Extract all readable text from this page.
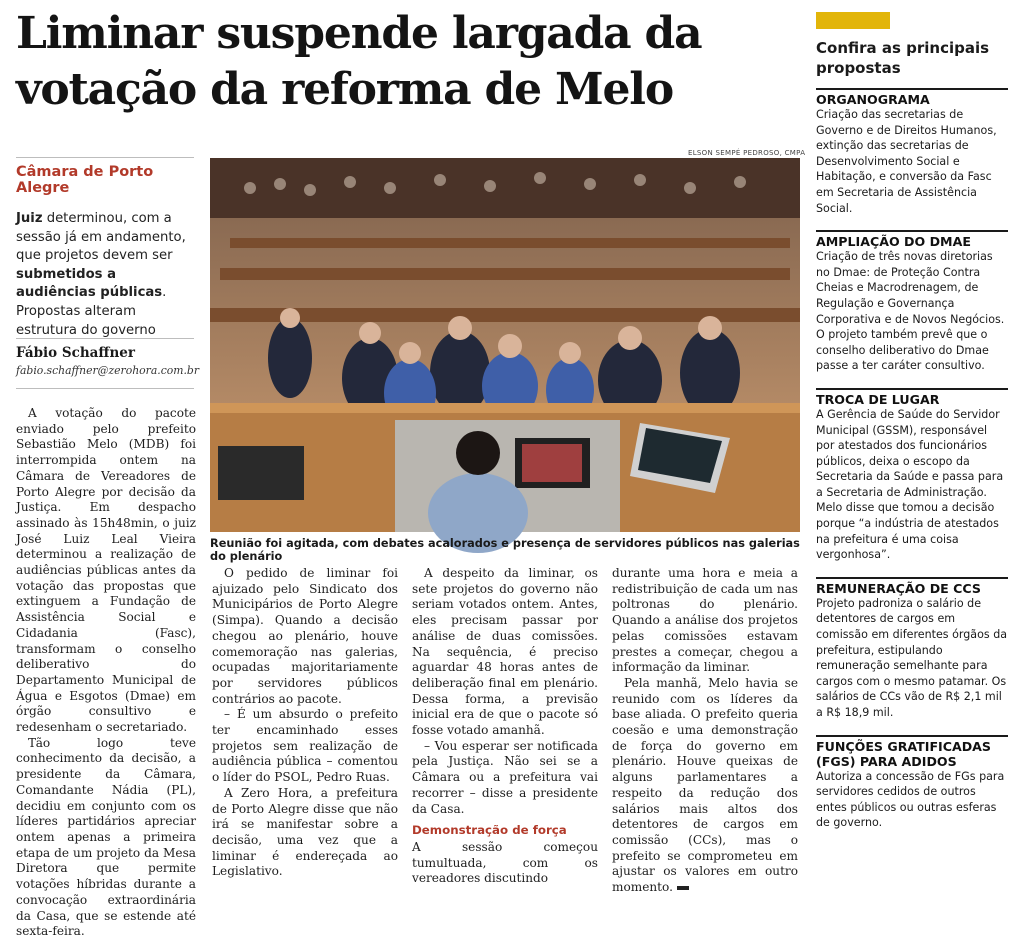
Liminar suspende largada da
votação da reforma de Melo
Câmara de Porto Alegre
Juiz determinou, com a sessão já em andamento, que projetos devem ser submetidos a audiências públicas. Propostas alteram estrutura do governo
Fábio Schaffner
fabio.schaffner@zerohora.com.br

A votação do pacote enviado pelo prefeito Sebastião Melo (MDB) foi interrompida ontem na Câmara de Vereadores de Porto Alegre por decisão da Justiça. Em despacho assinado às 15h48min, o juiz José Luiz Leal Vieira determinou a realização de audiências públicas antes da votação das propostas que extinguem a Fundação de Assistência Social e Cidadania (Fasc), transformam o conselho deliberativo do Departamento Municipal de Água e Esgotos (Dmae) em órgão consultivo e redesenham o secretariado.

Tão logo teve conhecimento da decisão, a presidente da Câmara, Comandante Nádia (PL), decidiu em conjunto com os líderes partidários apreciar ontem apenas a primeira etapa de um projeto da Mesa Diretora que permite votações híbridas durante a convocação extraordinária da Casa, que se estende até sexta-feira.

O pedido de liminar foi ajuizado pelo Sindicato dos Municipários de Porto Alegre (Simpa). Quando a decisão chegou ao plenário, houve comemoração nas galerias, ocupadas majoritariamente por servidores públicos contrários ao pacote.

– É um absurdo o prefeito ter encaminhado esses projetos sem realização de audiência pública – comentou o líder do PSOL, Pedro Ruas.

A Zero Hora, a prefeitura de Porto Alegre disse que não irá se manifestar sobre a decisão, uma vez que a liminar é endereçada ao Legislativo.

A despeito da liminar, os sete projetos do governo não seriam votados ontem. Antes, eles precisam passar por análise de duas comissões. Na sequência, é preciso aguardar 48 horas antes de deliberação final em plenário. Dessa forma, a previsão inicial era de que o pacote só fosse votado amanhã.

– Vou esperar ser notificada pela Justiça. Não sei se a Câmara ou a prefeitura vai recorrer – disse a presidente da Casa.

Demonstração de força

A sessão começou tumultuada, com os vereadores discutindo

durante uma hora e meia a redistribuição de cada um nas poltronas do plenário. Quando a análise dos projetos pelas comissões estavam prestes a começar, chegou a informação da liminar.

Pela manhã, Melo havia se reunido com os líderes da base aliada. O prefeito queria coesão e uma demonstração de força do governo em plenário. Houve queixas de alguns parlamentares a respeito da redução dos salários mais altos dos detentores de cargos em comissão (CCs), mas o prefeito se comprometeu em ajustar os valores em outro momento.

ELSON SEMPÉ PEDROSO, CMPA
Reunião foi agitada, com debates acalorados e presença de servidores públicos nas galerias do plenário
Confira as principais propostas
ORGANOGRAMA
Criação das secretarias de Governo e de Direitos Humanos, extinção das secretarias de Desenvolvimento Social e Habitação, e conversão da Fasc em Secretaria de Assistência Social.
AMPLIAÇÃO DO DMAE
Criação de três novas diretorias no Dmae: de Proteção Contra Cheias e Macrodrenagem, de Regulação e Governança Corporativa e de Novos Negócios. O projeto também prevê que o conselho deliberativo do Dmae passe a ter caráter consultivo.
TROCA DE LUGAR
A Gerência de Saúde do Servidor Municipal (GSSM), responsável por atestados dos funcionários públicos, deixa o escopo da Secretaria da Saúde e passa para a Secretaria de Administração. Melo disse que tomou a decisão porque “a indústria de atestados na prefeitura é uma coisa vergonhosa”.
REMUNERAÇÃO DE CCS
Projeto padroniza o salário de detentores de cargos em comissão em diferentes órgãos da prefeitura, estipulando remuneração semelhante para cargos com o mesmo patamar. Os salários de CCs vão de R$ 2,1 mil a R$ 18,9 mil.
FUNÇÕES GRATIFICADAS (FGS) PARA ADIDOS
Autoriza a concessão de FGs para servidores cedidos de outros entes públicos ou outras esferas de governo.
